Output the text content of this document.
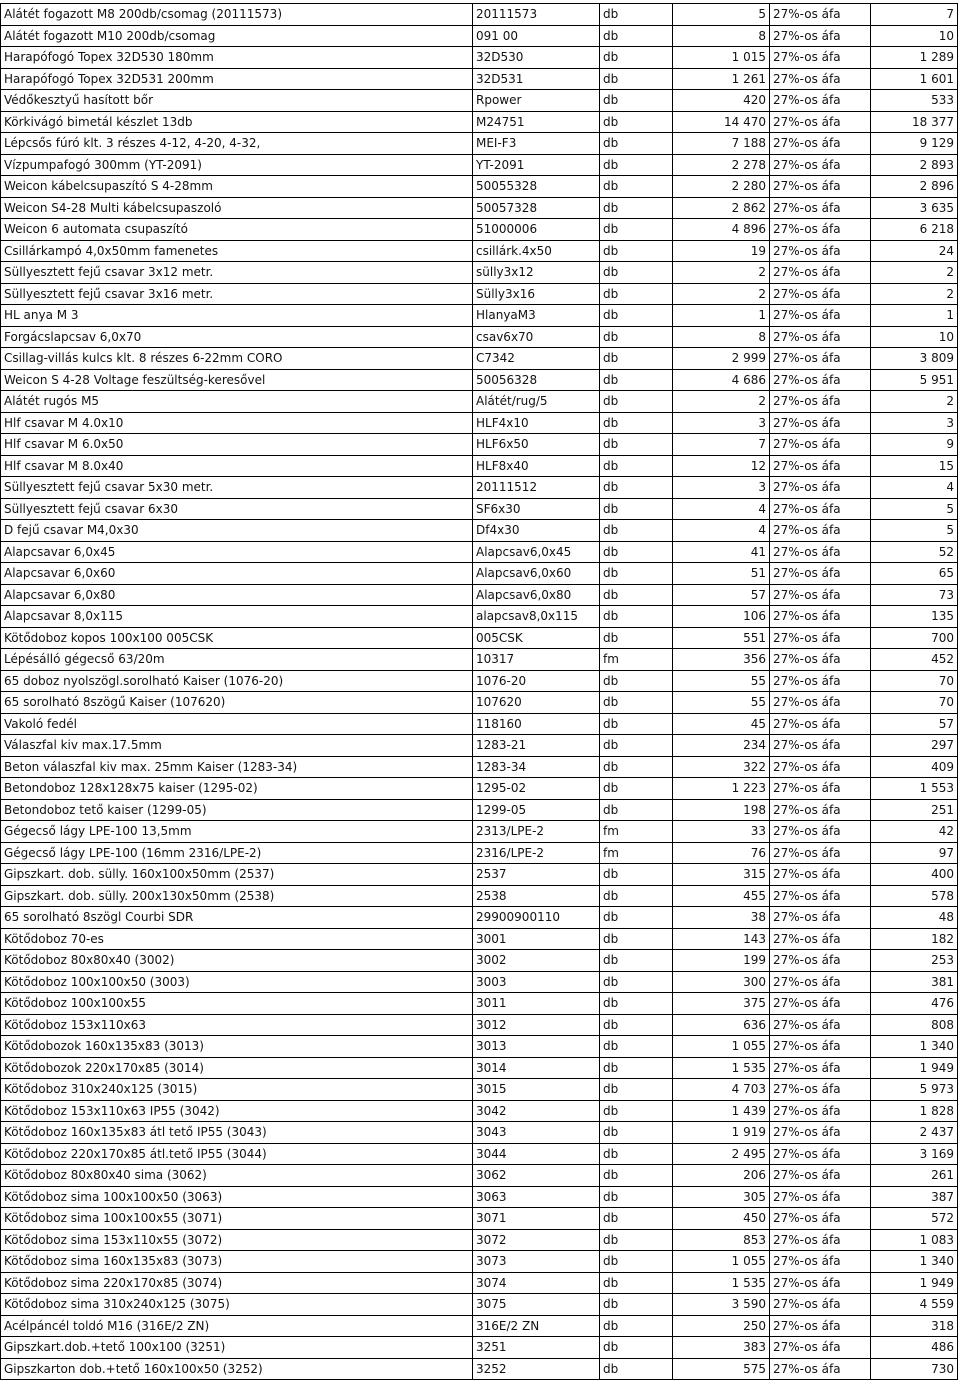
Alátét fogazott M8 200db/csomag (20111573)	20111573	db	5	27%-os áfa	7
Alátét fogazott M10 200db/csomag	091 00	db	8	27%-os áfa	10
Harapófogó Topex 32D530 180mm	32D530	db	1 015	27%-os áfa	1 289
Harapófogó Topex 32D531 200mm	32D531	db	1 261	27%-os áfa	1 601
Védőkesztyű hasított bőr	Rpower	db	420	27%-os áfa	533
Körkivágó bimetál készlet 13db	M24751	db	14 470	27%-os áfa	18 377
Lépcsős fúró klt. 3 részes 4-12, 4-20, 4-32,	MEI-F3	db	7 188	27%-os áfa	9 129
Vízpumpafogó 300mm (YT-2091)	YT-2091	db	2 278	27%-os áfa	2 893
Weicon kábelcsupaszító S 4-28mm	50055328	db	2 280	27%-os áfa	2 896
Weicon S4-28 Multi kábelcsupaszoló	50057328	db	2 862	27%-os áfa	3 635
Weicon 6 automata csupaszító	51000006	db	4 896	27%-os áfa	6 218
Csillárkampó 4,0x50mm famenetes	csillárk.4x50	db	19	27%-os áfa	24
Süllyesztett fejű csavar 3x12 metr.	sülly3x12	db	2	27%-os áfa	2
Süllyesztett fejű csavar 3x16 metr.	Sülly3x16	db	2	27%-os áfa	2
HL anya M 3	HlanyaM3	db	1	27%-os áfa	1
Forgácslapcsav 6,0x70	csav6x70	db	8	27%-os áfa	10
Csillag-villás kulcs klt. 8 részes 6-22mm CORO	C7342	db	2 999	27%-os áfa	3 809
Weicon S 4-28 Voltage feszültség-keresővel	50056328	db	4 686	27%-os áfa	5 951
Alátét rugós M5	Alátét/rug/5	db	2	27%-os áfa	2
Hlf csavar M 4.0x10	HLF4x10	db	3	27%-os áfa	3
Hlf csavar M 6.0x50	HLF6x50	db	7	27%-os áfa	9
Hlf csavar M 8.0x40	HLF8x40	db	12	27%-os áfa	15
Süllyesztett fejű csavar 5x30 metr.	20111512	db	3	27%-os áfa	4
Süllyesztett fejű csavar 6x30	SF6x30	db	4	27%-os áfa	5
D fejű csavar M4,0x30	Df4x30	db	4	27%-os áfa	5
Alapcsavar 6,0x45	Alapcsav6,0x45	db	41	27%-os áfa	52
Alapcsavar 6,0x60	Alapcsav6,0x60	db	51	27%-os áfa	65
Alapcsavar 6,0x80	Alapcsav6,0x80	db	57	27%-os áfa	73
Alapcsavar 8,0x115	alapcsav8,0x115	db	106	27%-os áfa	135
Kötődoboz kopos 100x100 005CSK	005CSK	db	551	27%-os áfa	700
Lépésálló gégecső 63/20m	10317	fm	356	27%-os áfa	452
65 doboz nyolszögl.sorolható Kaiser (1076-20)	1076-20	db	55	27%-os áfa	70
65 sorolható 8szögű Kaiser (107620)	107620	db	55	27%-os áfa	70
Vakoló fedél	118160	db	45	27%-os áfa	57
Válaszfal kiv max.17.5mm	1283-21	db	234	27%-os áfa	297
Beton válaszfal kiv max. 25mm Kaiser (1283-34)	1283-34	db	322	27%-os áfa	409
Betondoboz 128x128x75 kaiser (1295-02)	1295-02	db	1 223	27%-os áfa	1 553
Betondoboz tető kaiser (1299-05)	1299-05	db	198	27%-os áfa	251
Gégecső lágy LPE-100 13,5mm	2313/LPE-2	fm	33	27%-os áfa	42
Gégecső lágy LPE-100 (16mm 2316/LPE-2)	2316/LPE-2	fm	76	27%-os áfa	97
Gipszkart. dob. sülly. 160x100x50mm (2537)	2537	db	315	27%-os áfa	400
Gipszkart. dob. sülly. 200x130x50mm (2538)	2538	db	455	27%-os áfa	578
65 sorolható 8szögl Courbi SDR	29900900110	db	38	27%-os áfa	48
Kötődoboz 70-es	3001	db	143	27%-os áfa	182
Kötődoboz 80x80x40 (3002)	3002	db	199	27%-os áfa	253
Kötődoboz 100x100x50 (3003)	3003	db	300	27%-os áfa	381
Kötődoboz 100x100x55	3011	db	375	27%-os áfa	476
Kötődoboz 153x110x63	3012	db	636	27%-os áfa	808
Kötődobozok 160x135x83 (3013)	3013	db	1 055	27%-os áfa	1 340
Kötődobozok 220x170x85 (3014)	3014	db	1 535	27%-os áfa	1 949
Kötődoboz 310x240x125 (3015)	3015	db	4 703	27%-os áfa	5 973
Kötődoboz 153x110x63 IP55 (3042)	3042	db	1 439	27%-os áfa	1 828
Kötődoboz 160x135x83 átl tető IP55 (3043)	3043	db	1 919	27%-os áfa	2 437
Kötődoboz 220x170x85 átl.tető IP55 (3044)	3044	db	2 495	27%-os áfa	3 169
Kötődoboz 80x80x40 sima (3062)	3062	db	206	27%-os áfa	261
Kötődoboz sima 100x100x50 (3063)	3063	db	305	27%-os áfa	387
Kötődoboz sima 100x100x55 (3071)	3071	db	450	27%-os áfa	572
Kötődoboz sima 153x110x55 (3072)	3072	db	853	27%-os áfa	1 083
Kötődoboz sima 160x135x83 (3073)	3073	db	1 055	27%-os áfa	1 340
Kötődoboz sima 220x170x85 (3074)	3074	db	1 535	27%-os áfa	1 949
Kötődoboz sima 310x240x125 (3075)	3075	db	3 590	27%-os áfa	4 559
Acélpáncél toldó M16 (316E/2 ZN)	316E/2 ZN	db	250	27%-os áfa	318
Gipszkart.dob.+tető 100x100 (3251)	3251	db	383	27%-os áfa	486
Gipszkarton dob.+tető 160x100x50 (3252)	3252	db	575	27%-os áfa	730
